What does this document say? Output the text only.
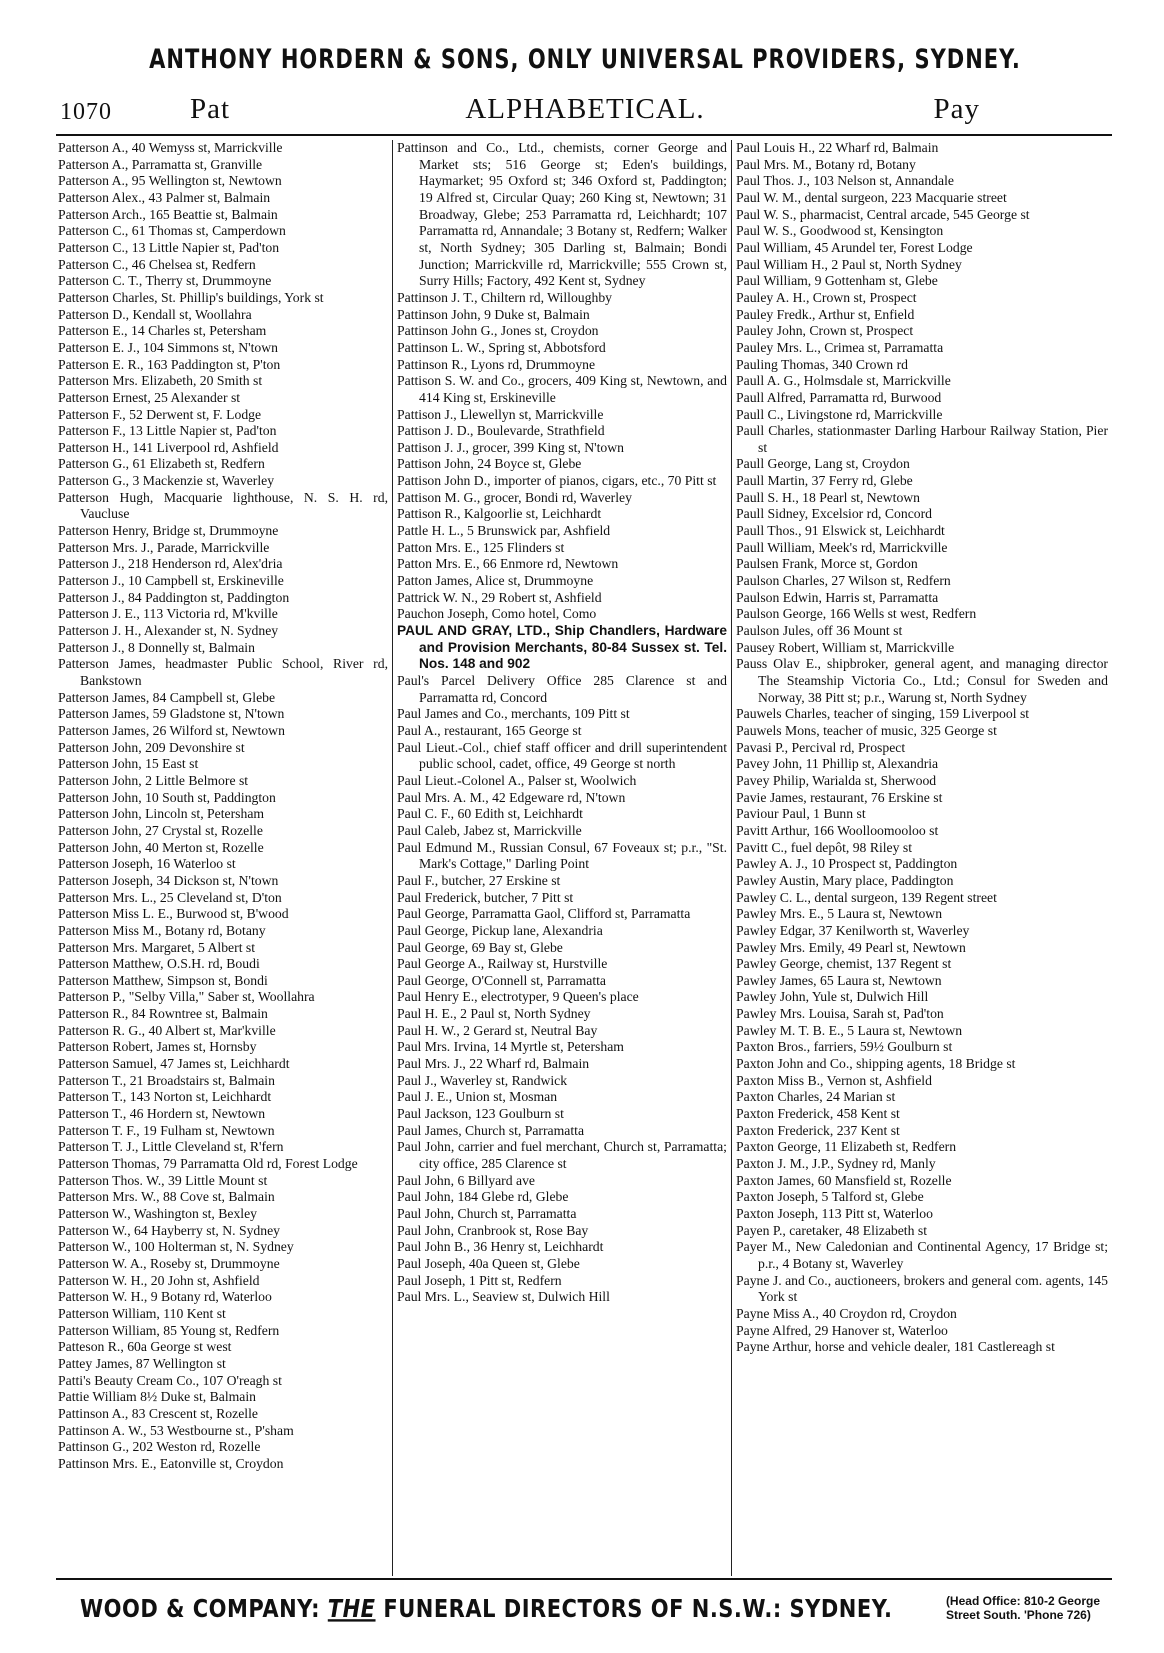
ANTHONY HORDERN & SONS, ONLY UNIVERSAL PROVIDERS, SYDNEY.
1070	Pat	ALPHABETICAL.	Pay

Patterson A., 40 Wemyss st, Marrickville

Patterson A., Parramatta st, Granville

Patterson A., 95 Wellington st, Newtown

Patterson Alex., 43 Palmer st, Balmain

Patterson Arch., 165 Beattie st, Balmain

Patterson C., 61 Thomas st, Camperdown

Patterson C., 13 Little Napier st, Pad'ton

Patterson C., 46 Chelsea st, Redfern

Patterson C. T., Therry st, Drummoyne

Patterson Charles, St. Phillip's buildings, York st

Patterson D., Kendall st, Woollahra

Patterson E., 14 Charles st, Petersham

Patterson E. J., 104 Simmons st, N'town

Patterson E. R., 163 Paddington st, P'ton

Patterson Mrs. Elizabeth, 20 Smith st

Patterson Ernest, 25 Alexander st

Patterson F., 52 Derwent st, F. Lodge

Patterson F., 13 Little Napier st, Pad'ton

Patterson H., 141 Liverpool rd, Ashfield

Patterson G., 61 Elizabeth st, Redfern

Patterson G., 3 Mackenzie st, Waverley

Patterson Hugh, Macquarie lighthouse, N. S. H. rd, Vaucluse

Patterson Henry, Bridge st, Drummoyne

Patterson Mrs. J., Parade, Marrickville

Patterson J., 218 Henderson rd, Alex'dria

Patterson J., 10 Campbell st, Erskineville

Patterson J., 84 Paddington st, Paddington

Patterson J. E., 113 Victoria rd, M'kville

Patterson J. H., Alexander st, N. Sydney

Patterson J., 8 Donnelly st, Balmain

Patterson James, headmaster Public School, River rd, Bankstown

Patterson James, 84 Campbell st, Glebe

Patterson James, 59 Gladstone st, N'town

Patterson James, 26 Wilford st, Newtown

Patterson John, 209 Devonshire st

Patterson John, 15 East st

Patterson John, 2 Little Belmore st

Patterson John, 10 South st, Paddington

Patterson John, Lincoln st, Petersham

Patterson John, 27 Crystal st, Rozelle

Patterson John, 40 Merton st, Rozelle

Patterson Joseph, 16 Waterloo st

Patterson Joseph, 34 Dickson st, N'town

Patterson Mrs. L., 25 Cleveland st, D'ton

Patterson Miss L. E., Burwood st, B'wood

Patterson Miss M., Botany rd, Botany

Patterson Mrs. Margaret, 5 Albert st

Patterson Matthew, O.S.H. rd, Boudi

Patterson Matthew, Simpson st, Bondi

Patterson P., "Selby Villa," Saber st, Woollahra

Patterson R., 84 Rowntree st, Balmain

Patterson R. G., 40 Albert st, Mar'kville

Patterson Robert, James st, Hornsby

Patterson Samuel, 47 James st, Leichhardt

Patterson T., 21 Broadstairs st, Balmain

Patterson T., 143 Norton st, Leichhardt

Patterson T., 46 Hordern st, Newtown

Patterson T. F., 19 Fulham st, Newtown

Patterson T. J., Little Cleveland st, R'fern

Patterson Thomas, 79 Parramatta Old rd, Forest Lodge

Patterson Thos. W., 39 Little Mount st

Patterson Mrs. W., 88 Cove st, Balmain

Patterson W., Washington st, Bexley

Patterson W., 64 Hayberry st, N. Sydney

Patterson W., 100 Holterman st, N. Sydney

Patterson W. A., Roseby st, Drummoyne

Patterson W. H., 20 John st, Ashfield

Patterson W. H., 9 Botany rd, Waterloo

Patterson William, 110 Kent st

Patterson William, 85 Young st, Redfern

Patteson R., 60a George st west

Pattey James, 87 Wellington st

Patti's Beauty Cream Co., 107 O'reagh st

Pattie William 8½ Duke st, Balmain

Pattinson A., 83 Crescent st, Rozelle

Pattinson A. W., 53 Westbourne st., P'sham

Pattinson G., 202 Weston rd, Rozelle

Pattinson Mrs. E., Eatonville st, Croydon

Pattinson and Co., Ltd., chemists, corner George and Market sts; 516 George st; Eden's buildings, Haymarket; 95 Oxford st; 346 Oxford st, Paddington; 19 Alfred st, Circular Quay; 260 King st, Newtown; 31 Broadway, Glebe; 253 Parramatta rd, Leichhardt; 107 Parramatta rd, Annandale; 3 Botany st, Redfern; Walker st, North Sydney; 305 Darling st, Balmain; Bondi Junction; Marrickville rd, Marrickville; 555 Crown st, Surry Hills; Factory, 492 Kent st, Sydney

Pattinson J. T., Chiltern rd, Willoughby

Pattinson John, 9 Duke st, Balmain

Pattinson John G., Jones st, Croydon

Pattinson L. W., Spring st, Abbotsford

Pattinson R., Lyons rd, Drummoyne

Pattison S. W. and Co., grocers, 409 King st, Newtown, and 414 King st, Erskineville

Pattison J., Llewellyn st, Marrickville

Pattison J. D., Boulevarde, Strathfield

Pattison J. J., grocer, 399 King st, N'town

Pattison John, 24 Boyce st, Glebe

Pattison John D., importer of pianos, cigars, etc., 70 Pitt st

Pattison M. G., grocer, Bondi rd, Waverley

Pattison R., Kalgoorlie st, Leichhardt

Pattle H. L., 5 Brunswick par, Ashfield

Patton Mrs. E., 125 Flinders st

Patton Mrs. E., 66 Enmore rd, Newtown

Patton James, Alice st, Drummoyne

Pattrick W. N., 29 Robert st, Ashfield

Pauchon Joseph, Como hotel, Como

PAUL AND GRAY, LTD., Ship Chandlers, Hardware and Provision Merchants, 80-84 Sussex st. Tel. Nos. 148 and 902

Paul's Parcel Delivery Office 285 Clarence st and Parramatta rd, Concord

Paul James and Co., merchants, 109 Pitt st

Paul A., restaurant, 165 George st

Paul Lieut.-Col., chief staff officer and drill superintendent public school, cadet, office, 49 George st north

Paul Lieut.-Colonel A., Palser st, Woolwich

Paul Mrs. A. M., 42 Edgeware rd, N'town

Paul C. F., 60 Edith st, Leichhardt

Paul Caleb, Jabez st, Marrickville

Paul Edmund M., Russian Consul, 67 Foveaux st; p.r., "St. Mark's Cottage," Darling Point

Paul F., butcher, 27 Erskine st

Paul Frederick, butcher, 7 Pitt st

Paul George, Parramatta Gaol, Clifford st, Parramatta

Paul George, Pickup lane, Alexandria

Paul George, 69 Bay st, Glebe

Paul George A., Railway st, Hurstville

Paul George, O'Connell st, Parramatta

Paul Henry E., electrotyper, 9 Queen's place

Paul H. E., 2 Paul st, North Sydney

Paul H. W., 2 Gerard st, Neutral Bay

Paul Mrs. Irvina, 14 Myrtle st, Petersham

Paul Mrs. J., 22 Wharf rd, Balmain

Paul J., Waverley st, Randwick

Paul J. E., Union st, Mosman

Paul Jackson, 123 Goulburn st

Paul James, Church st, Parramatta

Paul John, carrier and fuel merchant, Church st, Parramatta; city office, 285 Clarence st

Paul John, 6 Billyard ave

Paul John, 184 Glebe rd, Glebe

Paul John, Church st, Parramatta

Paul John, Cranbrook st, Rose Bay

Paul John B., 36 Henry st, Leichhardt

Paul Joseph, 40a Queen st, Glebe

Paul Joseph, 1 Pitt st, Redfern

Paul Mrs. L., Seaview st, Dulwich Hill

Paul Louis H., 22 Wharf rd, Balmain

Paul Mrs. M., Botany rd, Botany

Paul Thos. J., 103 Nelson st, Annandale

Paul W. M., dental surgeon, 223 Macquarie street

Paul W. S., pharmacist, Central arcade, 545 George st

Paul W. S., Goodwood st, Kensington

Paul William, 45 Arundel ter, Forest Lodge

Paul William H., 2 Paul st, North Sydney

Paul William, 9 Gottenham st, Glebe

Pauley A. H., Crown st, Prospect

Pauley Fredk., Arthur st, Enfield

Pauley John, Crown st, Prospect

Pauley Mrs. L., Crimea st, Parramatta

Pauling Thomas, 340 Crown rd

Paull A. G., Holmsdale st, Marrickville

Paull Alfred, Parramatta rd, Burwood

Paull C., Livingstone rd, Marrickville

Paull Charles, stationmaster Darling Harbour Railway Station, Pier st

Paull George, Lang st, Croydon

Paull Martin, 37 Ferry rd, Glebe

Paull S. H., 18 Pearl st, Newtown

Paull Sidney, Excelsior rd, Concord

Paull Thos., 91 Elswick st, Leichhardt

Paull William, Meek's rd, Marrickville

Paulsen Frank, Morce st, Gordon

Paulson Charles, 27 Wilson st, Redfern

Paulson Edwin, Harris st, Parramatta

Paulson George, 166 Wells st west, Redfern

Paulson Jules, off 36 Mount st

Pausey Robert, William st, Marrickville

Pauss Olav E., shipbroker, general agent, and managing director The Steamship Victoria Co., Ltd.; Consul for Sweden and Norway, 38 Pitt st; p.r., Warung st, North Sydney

Pauwels Charles, teacher of singing, 159 Liverpool st

Pauwels Mons, teacher of music, 325 George st

Pavasi P., Percival rd, Prospect

Pavey John, 11 Phillip st, Alexandria

Pavey Philip, Warialda st, Sherwood

Pavie James, restaurant, 76 Erskine st

Paviour Paul, 1 Bunn st

Pavitt Arthur, 166 Woolloomooloo st

Pavitt C., fuel depôt, 98 Riley st

Pawley A. J., 10 Prospect st, Paddington

Pawley Austin, Mary place, Paddington

Pawley C. L., dental surgeon, 139 Regent street

Pawley Mrs. E., 5 Laura st, Newtown

Pawley Edgar, 37 Kenilworth st, Waverley

Pawley Mrs. Emily, 49 Pearl st, Newtown

Pawley George, chemist, 137 Regent st

Pawley James, 65 Laura st, Newtown

Pawley John, Yule st, Dulwich Hill

Pawley Mrs. Louisa, Sarah st, Pad'ton

Pawley M. T. B. E., 5 Laura st, Newtown

Paxton Bros., farriers, 59½ Goulburn st

Paxton John and Co., shipping agents, 18 Bridge st

Paxton Miss B., Vernon st, Ashfield

Paxton Charles, 24 Marian st

Paxton Frederick, 458 Kent st

Paxton Frederick, 237 Kent st

Paxton George, 11 Elizabeth st, Redfern

Paxton J. M., J.P., Sydney rd, Manly

Paxton James, 60 Mansfield st, Rozelle

Paxton Joseph, 5 Talford st, Glebe

Paxton Joseph, 113 Pitt st, Waterloo

Payen P., caretaker, 48 Elizabeth st

Payer M., New Caledonian and Continental Agency, 17 Bridge st; p.r., 4 Botany st, Waverley

Payne J. and Co., auctioneers, brokers and general com. agents, 145 York st

Payne Miss A., 40 Croydon rd, Croydon

Payne Alfred, 29 Hanover st, Waterloo

Payne Arthur, horse and vehicle dealer, 181 Castlereagh st

WOOD & COMPANY: THE FUNERAL DIRECTORS OF N.S.W.: SYDNEY.	(Head Office: 810-2 George
Street South. 'Phone 726)
